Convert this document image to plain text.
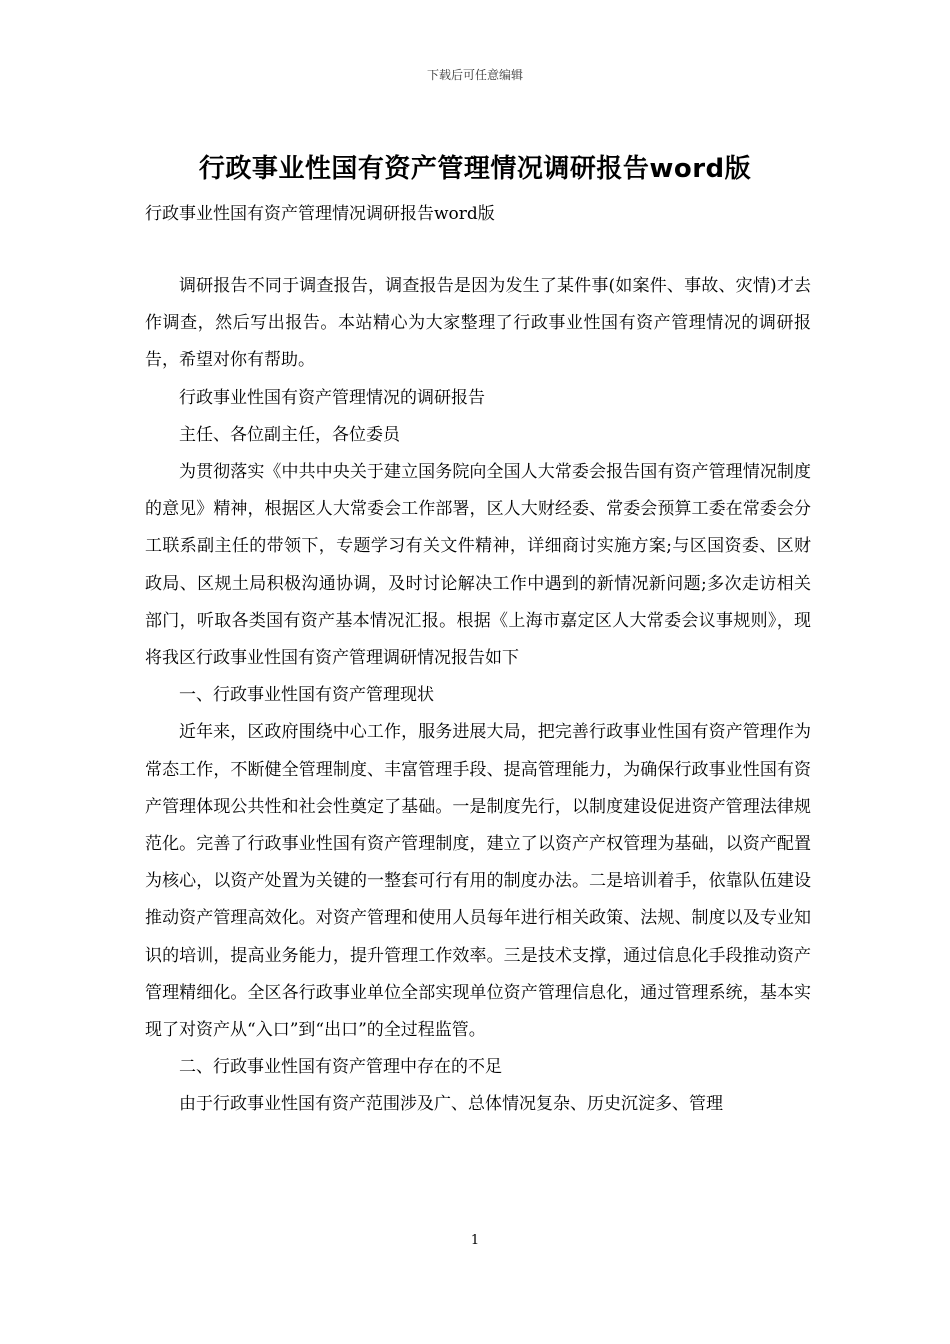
下载后可任意编辑
行政事业性国有资产管理情况调研报告word版
行政事业性国有资产管理情况调研报告word版

调研报告不同于调查报告，调查报告是因为发生了某件事(如案件、事故、灾情)才去作调查，然后写出报告。本站精心为大家整理了行政事业性国有资产管理情况的调研报告，希望对你有帮助。

行政事业性国有资产管理情况的调研报告

主任、各位副主任，各位委员

为贯彻落实《中共中央关于建立国务院向全国人大常委会报告国有资产管理情况制度的意见》精神，根据区人大常委会工作部署，区人大财经委、常委会预算工委在常委会分工联系副主任的带领下，专题学习有关文件精神，详细商讨实施方案;与区国资委、区财政局、区规土局积极沟通协调，及时讨论解决工作中遇到的新情况新问题;多次走访相关部门，听取各类国有资产基本情况汇报。根据《上海市嘉定区人大常委会议事规则》，现将我区行政事业性国有资产管理调研情况报告如下

一、行政事业性国有资产管理现状

近年来，区政府围绕中心工作，服务进展大局，把完善行政事业性国有资产管理作为常态工作，不断健全管理制度、丰富管理手段、提高管理能力，为确保行政事业性国有资产管理体现公共性和社会性奠定了基础。一是制度先行，以制度建设促进资产管理法律规范化。完善了行政事业性国有资产管理制度，建立了以资产产权管理为基础，以资产配置为核心，以资产处置为关键的一整套可行有用的制度办法。二是培训着手，依靠队伍建设推动资产管理高效化。对资产管理和使用人员每年进行相关政策、法规、制度以及专业知识的培训，提高业务能力，提升管理工作效率。三是技术支撑，通过信息化手段推动资产管理精细化。全区各行政事业单位全部实现单位资产管理信息化，通过管理系统，基本实现了对资产从“入口”到“出口”的全过程监管。

二、行政事业性国有资产管理中存在的不足

由于行政事业性国有资产范围涉及广、总体情况复杂、历史沉淀多、管理

1
